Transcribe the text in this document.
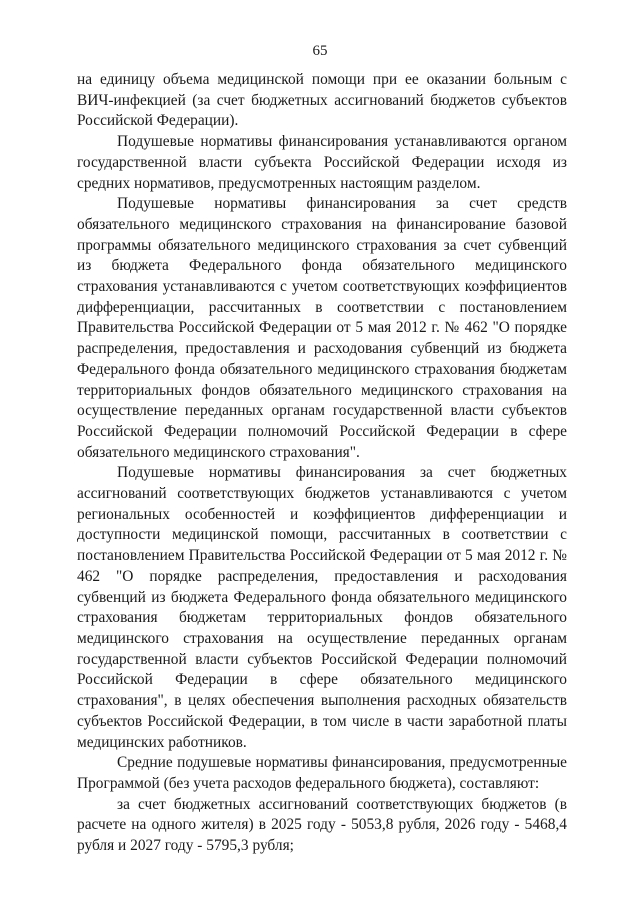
65

на единицу объема медицинской помощи при ее оказании больным с ВИЧ-инфекцией (за счет бюджетных ассигнований бюджетов субъектов Российской Федерации).

Подушевые нормативы финансирования устанавливаются органом государственной власти субъекта Российской Федерации исходя из средних нормативов, предусмотренных настоящим разделом.

Подушевые нормативы финансирования за счет средств обязательного медицинского страхования на финансирование базовой программы обязательного медицинского страхования за счет субвенций из бюджета Федерального фонда обязательного медицинского страхования устанавливаются с учетом соответствующих коэффициентов дифференциации, рассчитанных в соответствии с постановлением Правительства Российской Федерации от 5 мая 2012 г. № 462 "О порядке распределения, предоставления и расходования субвенций из бюджета Федерального фонда обязательного медицинского страхования бюджетам территориальных фондов обязательного медицинского страхования на осуществление переданных органам государственной власти субъектов Российской Федерации полномочий Российской Федерации в сфере обязательного медицинского страхования".

Подушевые нормативы финансирования за счет бюджетных ассигнований соответствующих бюджетов устанавливаются с учетом региональных особенностей и коэффициентов дифференциации и доступности медицинской помощи, рассчитанных в соответствии с постановлением Правительства Российской Федерации от 5 мая 2012 г. № 462 "О порядке распределения, предоставления и расходования субвенций из бюджета Федерального фонда обязательного медицинского страхования бюджетам территориальных фондов обязательного медицинского страхования на осуществление переданных органам государственной власти субъектов Российской Федерации полномочий Российской Федерации в сфере обязательного медицинского страхования", в целях обеспечения выполнения расходных обязательств субъектов Российской Федерации, в том числе в части заработной платы медицинских работников.

Средние подушевые нормативы финансирования, предусмотренные Программой (без учета расходов федерального бюджета), составляют:

за счет бюджетных ассигнований соответствующих бюджетов (в расчете на одного жителя) в 2025 году - 5053,8 рубля, 2026 году - 5468,4 рубля и 2027 году - 5795,3 рубля;
